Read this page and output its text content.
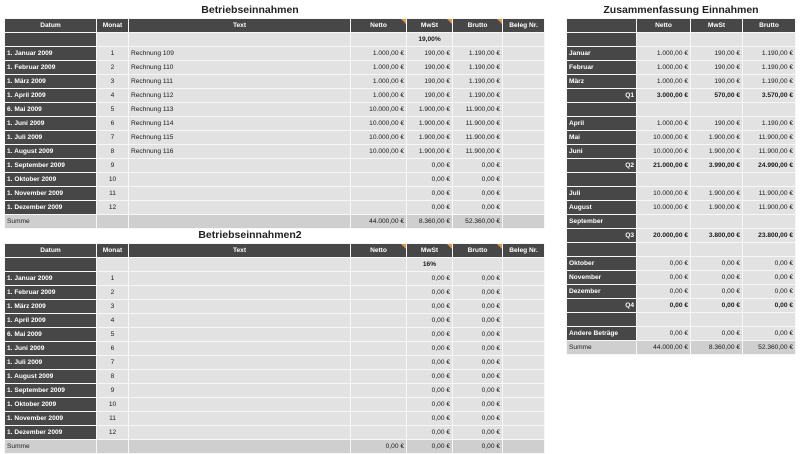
Betriebseinnahmen
Datum	Monat	Text	Netto	MwSt	Brutto	Beleg Nr.
				19,00%		
1. Januar 2009	1	Rechnung 109	1.000,00 €	190,00 €	1.190,00 €	
1. Februar 2009	2	Rechnung 110	1.000,00 €	190,00 €	1.190,00 €	
1. März 2009	3	Rechnung 111	1.000,00 €	190,00 €	1.190,00 €	
1. April 2009	4	Rechnung 112	1.000,00 €	190,00 €	1.190,00 €	
6. Mai 2009	5	Rechnung 113	10.000,00 €	1.900,00 €	11.900,00 €	
1. Juni 2009	6	Rechnung 114	10.000,00 €	1.900,00 €	11.900,00 €	
1. Juli 2009	7	Rechnung 115	10.000,00 €	1.900,00 €	11.900,00 €	
1. August 2009	8	Rechnung 116	10.000,00 €	1.900,00 €	11.900,00 €	
1. September 2009	9			0,00 €	0,00 €	
1. Oktober 2009	10			0,00 €	0,00 €	
1. November 2009	11			0,00 €	0,00 €	
1. Dezember 2009	12			0,00 €	0,00 €	
Summe			44.000,00 €	8.360,00 €	52.360,00 €	
Betriebseinnahmen2
Datum	Monat	Text	Netto	MwSt	Brutto	Beleg Nr.
				16%		
1. Januar 2009	1			0,00 €	0,00 €	
1. Februar 2009	2			0,00 €	0,00 €	
1. März 2009	3			0,00 €	0,00 €	
1. April 2009	4			0,00 €	0,00 €	
6. Mai 2009	5			0,00 €	0,00 €	
1. Juni 2009	6			0,00 €	0,00 €	
1. Juli 2009	7			0,00 €	0,00 €	
1. August 2009	8			0,00 €	0,00 €	
1. September 2009	9			0,00 €	0,00 €	
1. Oktober 2009	10			0,00 €	0,00 €	
1. November 2009	11			0,00 €	0,00 €	
1. Dezember 2009	12			0,00 €	0,00 €	
Summe			0,00 €	0,00 €	0,00 €	
Zusammenfassung Einnahmen
	Netto	MwSt	Brutto

Januar	1.000,00 €	190,00 €	1.190,00 €
Februar	1.000,00 €	190,00 €	1.190,00 €
März	1.000,00 €	190,00 €	1.190,00 €
Q1	3.000,00 €	570,00 €	3.570,00 €

April	1.000,00 €	190,00 €	1.190,00 €
Mai	10.000,00 €	1.900,00 €	11.900,00 €
Juni	10.000,00 €	1.900,00 €	11.900,00 €
Q2	21.000,00 €	3.990,00 €	24.990,00 €

Juli	10.000,00 €	1.900,00 €	11.900,00 €
August	10.000,00 €	1.900,00 €	11.900,00 €
September			
Q3	20.000,00 €	3.800,00 €	23.800,00 €

Oktober	0,00 €	0,00 €	0,00 €
November	0,00 €	0,00 €	0,00 €
Dezember	0,00 €	0,00 €	0,00 €
Q4	0,00 €	0,00 €	0,00 €

Andere Beträge	0,00 €	0,00 €	0,00 €
Summe	44.000,00 €	8.360,00 €	52.360,00 €
